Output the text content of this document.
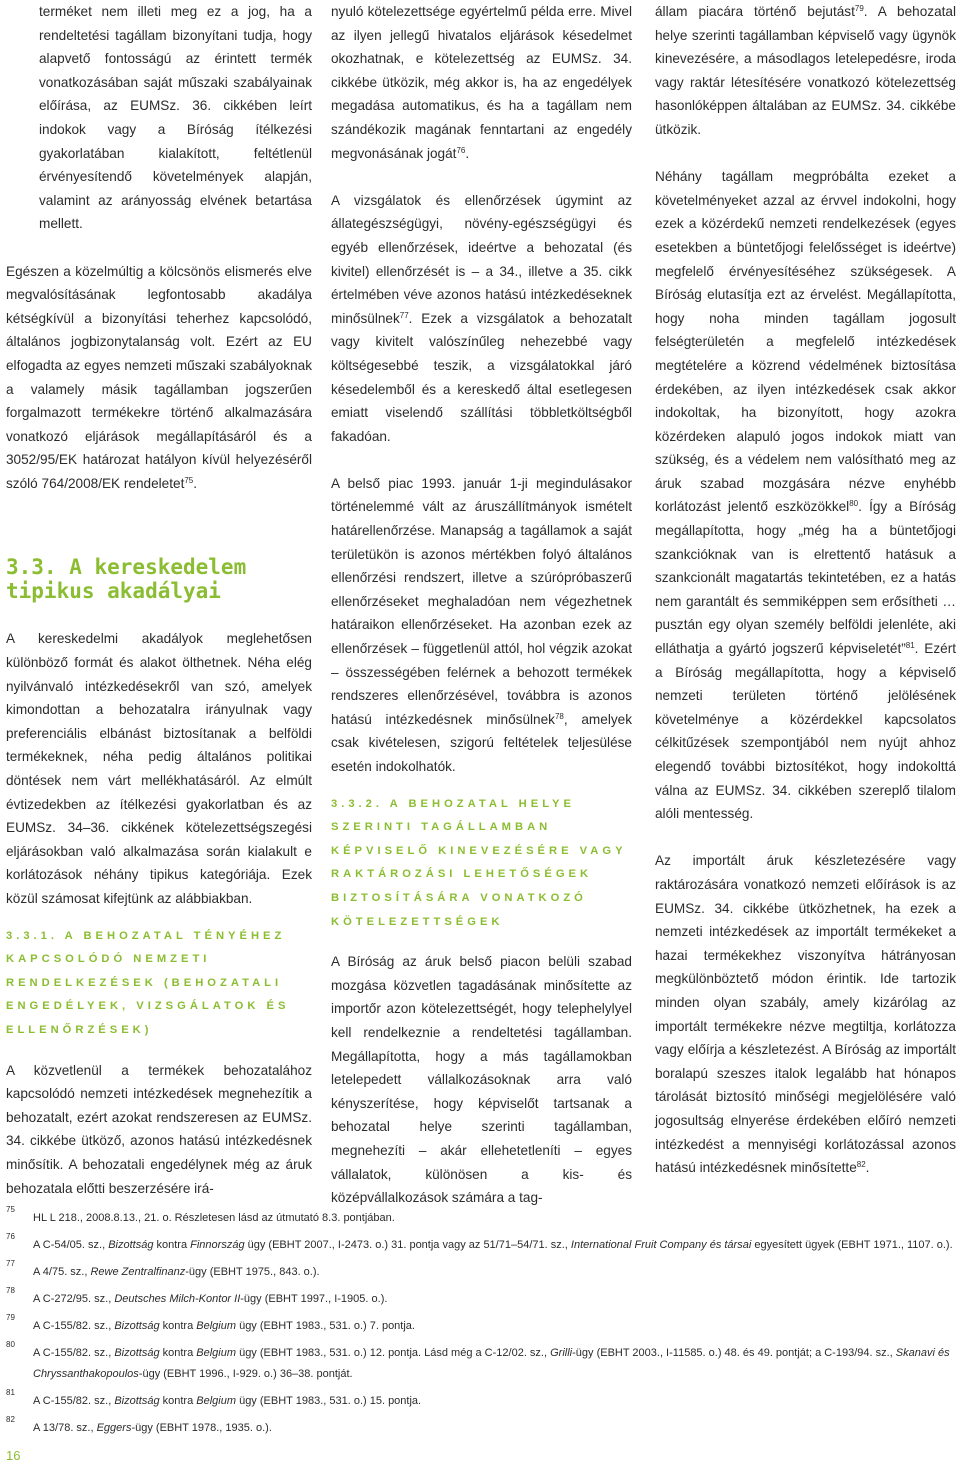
terméket nem illeti meg ez a jog, ha a rendeltetési tagállam bizonyítani tudja, hogy alapvető fontosságú az érintett termék vonatkozásában saját műszaki szabályainak előírása, az EUMSz. 36. cikkében leírt indokok vagy a Bíróság ítélkezési gyakorlatában kialakított, feltétlenül érvényesítendő követelmények alapján, valamint az arányosság elvének betartása mellett.

Egészen a közelmúltig a kölcsönös elismerés elve megvalósításának legfontosabb akadálya kétségkívül a bizonyítási teherhez kapcsolódó, általános jogbizonytalanság volt. Ezért az EU elfogadta az egyes nemzeti műszaki szabályoknak a valamely másik tagállamban jogszerűen forgalmazott termékekre történő alkalmazására vonatkozó eljárások megállapításáról és a 3052/95/EK határozat hatályon kívül helyezéséről szóló 764/2008/EK rendeletet$^{75}$.

3.3. A kereskedelem
tipikus akadályai

A kereskedelmi akadályok meglehetősen különböző formát és alakot ölthetnek. Néha elég nyilvánvaló intézkedésekről van szó, amelyek kimondottan a behozatalra irányulnak vagy preferenciális elbánást biztosítanak a belföldi termékeknek, néha pedig általános politikai döntések nem várt mellékhatásáról. Az elmúlt évtizedekben az ítélkezési gyakorlatban és az EUMSz. 34–36. cikkének kötelezettségszegési eljárásokban való alkalmazása során kialakult e korlátozások néhány tipikus kategóriája. Ezek közül számosat kifejtünk az alábbiakban.

3.3.1. A BEHOZATAL TÉNYÉHEZ KAPCSOLÓDÓ NEMZETI RENDELKEZÉSEK (BEHOZATALI ENGEDÉLYEK, VIZSGÁLATOK ÉS ELLENŐRZÉSEK)

A közvetlenül a termékek behozatalához kapcsolódó nemzeti intézkedések megnehezítik a behozatalt, ezért azokat rendszeresen az EUMSz. 34. cikkébe ütköző, azonos hatású intézkedésnek minősítik. A behozatali engedélynek még az áruk behozatala előtti beszerzésére irá-

nyuló kötelezettsége egyértelmű példa erre. Mivel az ilyen jellegű hivatalos eljárások késedelmet okozhatnak, e kötelezettség az EUMSz. 34. cikkébe ütközik, még akkor is, ha az engedélyek megadása automatikus, és ha a tagállam nem szándékozik magának fenntartani az engedély megvonásának jogát$^{76}$.

A vizsgálatok és ellenőrzések úgymint az állategészségügyi, növény-egészségügyi és egyéb ellenőrzések, ideértve a behozatal (és kivitel) ellenőrzését is – a 34., illetve a 35. cikk értelmében véve azonos hatású intézkedéseknek minősülnek$^{77}$. Ezek a vizsgálatok a behozatalt vagy kivitelt valószínűleg nehezebbé vagy költségesebbé teszik, a vizsgálatokkal járó késedelemből és a kereskedő által esetlegesen emiatt viselendő szállítási többletköltségből fakadóan.

A belső piac 1993. január 1-ji megindulásakor történelemmé vált az áruszállítmányok ismételt határellenőrzése. Manapság a tagállamok a saját területükön is azonos mértékben folyó általános ellenőrzési rendszert, illetve a szúrópróbaszerű ellenőrzéseket meghaladóan nem végezhetnek határaikon ellenőrzéseket. Ha azonban ezek az ellenőrzések – függetlenül attól, hol végzik azokat – összességében felérnek a behozott termékek rendszeres ellenőrzésével, továbbra is azonos hatású intézkedésnek minősülnek$^{78}$, amelyek csak kivételesen, szigorú feltételek teljesülése esetén indokolhatók.

3.3.2. A BEHOZATAL HELYE SZERINTI TAGÁLLAMBAN KÉPVISELŐ KINEVEZÉSÉRE VAGY RAKTÁROZÁSI LEHETŐSÉGEK BIZTOSÍTÁSÁRA VONATKOZÓ KÖTELEZETTSÉGEK

A Bíróság az áruk belső piacon belüli szabad mozgása közvetlen tagadásának minősítette az importőr azon kötelezettségét, hogy telephelylyel kell rendelkeznie a rendeltetési tagállamban. Megállapította, hogy a más tagállamokban letelepedett vállalkozásoknak arra való kényszerítése, hogy képviselőt tartsanak a behozatal helye szerinti tagállamban, megnehezíti – akár ellehetetleníti – egyes vállalatok, különösen a kis- és középvállalkozások számára a tag-

állam piacára történő bejutást$^{79}$. A behozatal helye szerinti tagállamban képviselő vagy ügynök kinevezésére, a másodlagos letelepedésre, iroda vagy raktár létesítésére vonatkozó kötelezettség hasonlóképpen általában az EUMSz. 34. cikkébe ütközik.

Néhány tagállam megpróbálta ezeket a követelményeket azzal az érvvel indokolni, hogy ezek a közérdekű nemzeti rendelkezések (egyes esetekben a büntetőjogi felelősséget is ideértve) megfelelő érvényesítéséhez szükségesek. A Bíróság elutasítja ezt az érvelést. Megállapította, hogy noha minden tagállam jogosult felségterületén a megfelelő intézkedések megtételére a közrend védelmének biztosítása érdekében, az ilyen intézkedések csak akkor indokoltak, ha bizonyított, hogy azokra közérdeken alapuló jogos indokok miatt van szükség, és a védelem nem valósítható meg az áruk szabad mozgására nézve enyhébb korlátozást jelentő eszközökkel$^{80}$. Így a Bíróság megállapította, hogy „még ha a büntetőjogi szankcióknak van is elrettentő hatásuk a szankcionált magatartás tekintetében, ez a hatás nem garantált és semmiképpen sem erősítheti … pusztán egy olyan személy belföldi jelenléte, aki elláthatja a gyártó jogszerű képviseletét”$^{81}$. Ezért a Bíróság megállapította, hogy a képviselő nemzeti területen történő jelölésének követelménye a közérdekkel kapcsolatos célkitűzések szempontjából nem nyújt ahhoz elegendő további biztosítékot, hogy indokolttá válna az EUMSz. 34. cikkében szereplő tilalom alóli mentesség.

Az importált áruk készletezésére vagy raktározására vonatkozó nemzeti előírások is az EUMSz. 34. cikkébe ütközhetnek, ha ezek a nemzeti intézkedések az importált termékeket a hazai termékekhez viszonyítva hátrányosan megkülönböztető módon érintik. Ide tartozik minden olyan szabály, amely kizárólag az importált termékekre nézve megtiltja, korlátozza vagy előírja a készletezést. A Bíróság az importált boralapú szeszes italok legalább hat hónapos tárolását biztosító minőségi megjelölésére való jogosultság elnyerése érdekében előíró nemzeti intézkedést a mennyiségi korlátozással azonos hatású intézkedésnek minősítette$^{82}$.

75
HL L 218., 2008.8.13., 21. o. Részletesen lásd az útmutató 8.3. pontjában.
76
A C-54/05. sz., Bizottság kontra Finnország ügy (EBHT 2007., I-2473. o.) 31. pontja vagy az 51/71–54/71. sz., International Fruit Company és társai egyesített ügyek (EBHT 1971., 1107. o.).
77
A 4/75. sz., Rewe Zentralfinanz-ügy (EBHT 1975., 843. o.).
78
A C-272/95. sz., Deutsches Milch-Kontor II-ügy (EBHT 1997., I-1905. o.).
79
A C-155/82. sz., Bizottság kontra Belgium ügy (EBHT 1983., 531. o.) 7. pontja.
80
A C-155/82. sz., Bizottság kontra Belgium ügy (EBHT 1983., 531. o.) 12. pontja. Lásd még a C-12/02. sz., Grilli-ügy (EBHT 2003., I-11585. o.) 48. és 49. pontját; a C-193/94. sz., Skanavi és Chryssanthakopoulos-ügy (EBHT 1996., I-929. o.) 36–38. pontját.
81
A C-155/82. sz., Bizottság kontra Belgium ügy (EBHT 1983., 531. o.) 15. pontja.
82
A 13/78. sz., Eggers-ügy (EBHT 1978., 1935. o.).
16
